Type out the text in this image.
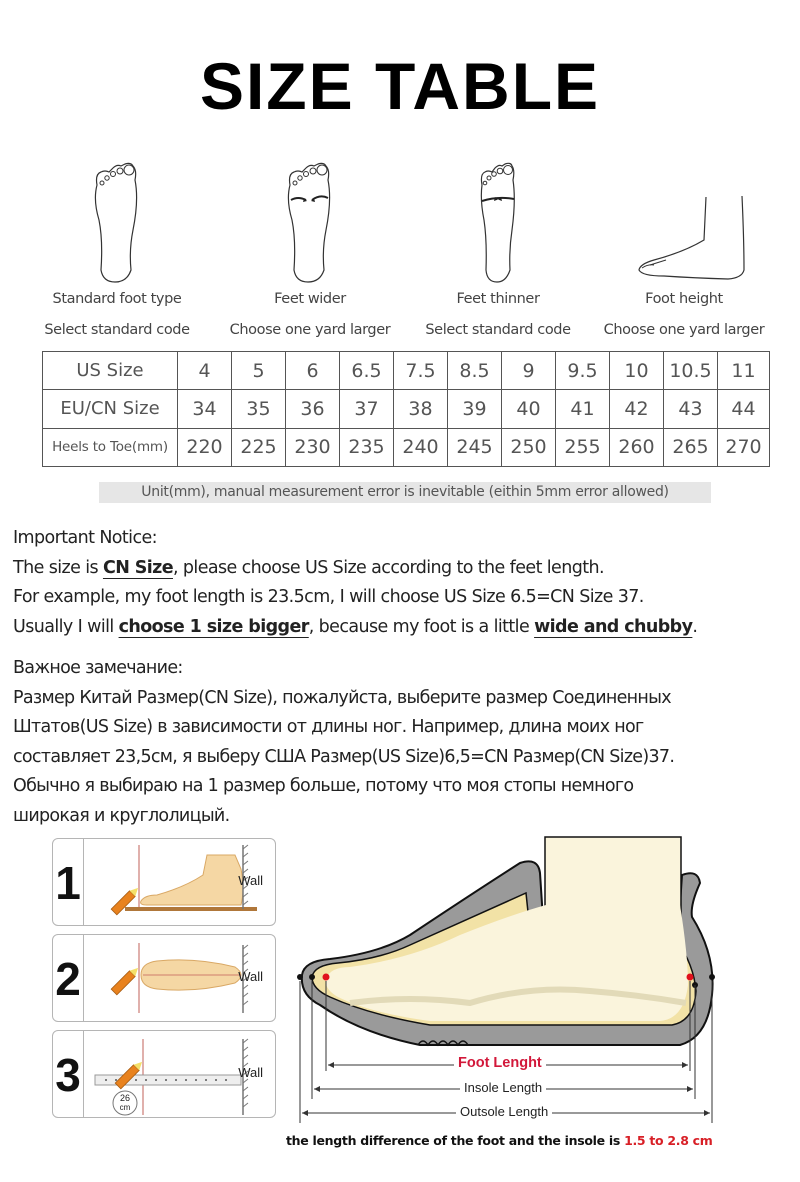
SIZE TABLE
Standard foot type
Select standard code
Feet wider
Choose one yard larger
Feet thinner
Select standard code
Foot height
Choose one yard larger
US Size	4	5	6	6.5	7.5	8.5	9	9.5	10	10.5	11
EU/CN Size	34	35	36	37	38	39	40	41	42	43	44
Heels to Toe(mm)	220	225	230	235	240	245	250	255	260	265	270
Unit(mm), manual measurement error is inevitable (eithin 5mm error allowed)

Important Notice:

The size is CN Size, please choose US Size according to the feet length.

For example, my foot length is 23.5cm, I will choose US Size 6.5=CN Size 37.

Usually I will choose 1 size bigger, because my foot is a little wide and chubby.

Важное замечание:

Размер Китай Размер(CN Size), пожалуйста, выберите размер Соединенных

Штатов(US Size) в зависимости от длины ног. Например, длина моих ног

составляет 23,5см, я выберу США Размер(US Size)6,5=CN Размер(CN Size)37.

Обычно я выбираю на 1 размер больше, потому что моя стопы немного

широкая и круглолицый.

1	Wall
2	Wall
3	26
cm
Wall
Foot Lenght
Insole Length
Outsole Length
the length difference of the foot and the insole is 1.5 to 2.8 cm
